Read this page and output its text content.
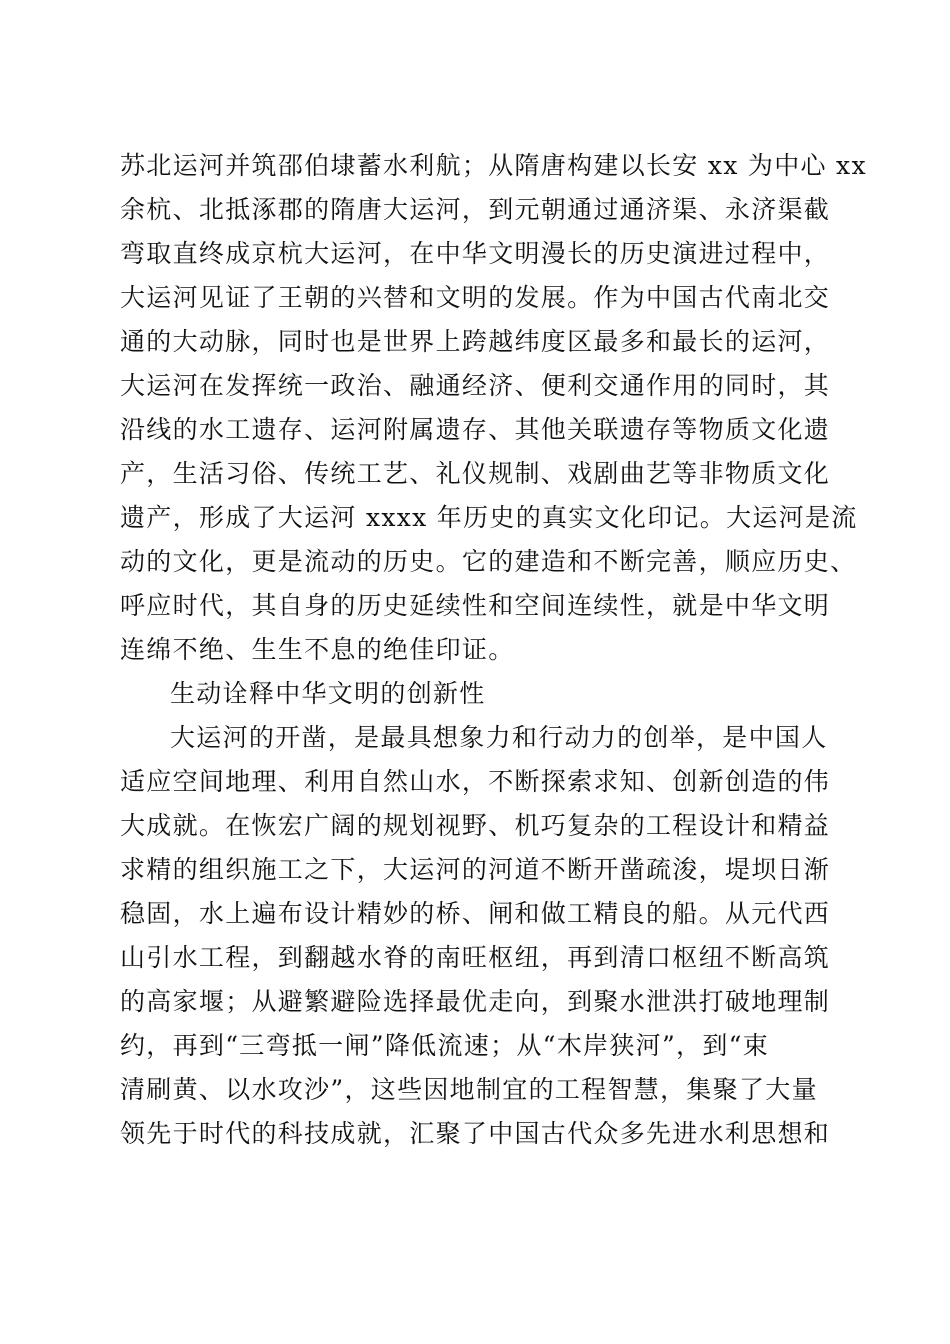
苏北运河并筑邵伯埭蓄水利航；从隋唐构建以长安 xx 为中心 xx
余杭、北抵涿郡的隋唐大运河，到元朝通过通济渠、永济渠截
弯取直终成京杭大运河，在中华文明漫长的历史演进过程中，
大运河见证了王朝的兴替和文明的发展。作为中国古代南北交
通的大动脉，同时也是世界上跨越纬度区最多和最长的运河，
大运河在发挥统一政治、融通经济、便利交通作用的同时，其
沿线的水工遗存、运河附属遗存、其他关联遗存等物质文化遗
产，生活习俗、传统工艺、礼仪规制、戏剧曲艺等非物质文化
遗产，形成了大运河 xxxx 年历史的真实文化印记。大运河是流
动的文化，更是流动的历史。它的建造和不断完善，顺应历史、
呼应时代，其自身的历史延续性和空间连续性，就是中华文明
连绵不绝、生生不息的绝佳印证。
生动诠释中华文明的创新性
大运河的开凿，是最具想象力和行动力的创举，是中国人
适应空间地理、利用自然山水，不断探索求知、创新创造的伟
大成就。在恢宏广阔的规划视野、机巧复杂的工程设计和精益
求精的组织施工之下，大运河的河道不断开凿疏浚，堤坝日渐
稳固，水上遍布设计精妙的桥、闸和做工精良的船。从元代西
山引水工程，到翻越水脊的南旺枢纽，再到清口枢纽不断高筑
的高家堰；从避繁避险选择最优走向，到聚水泄洪打破地理制
约，再到“三弯抵一闸”降低流速；从“木岸狭河”，到“束
清刷黄、以水攻沙”，这些因地制宜的工程智慧，集聚了大量
领先于时代的科技成就，汇聚了中国古代众多先进水利思想和
